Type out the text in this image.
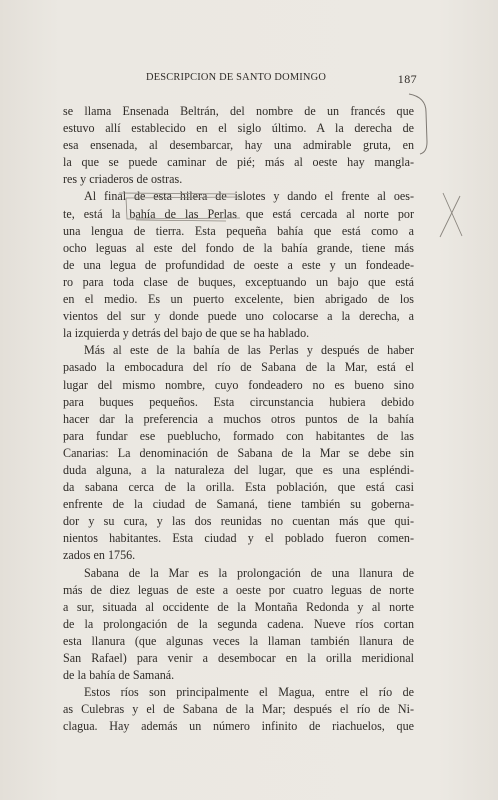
DESCRIPCION DE SANTO DOMINGO	187
se llama Ensenada Beltrán, del nombre de un francés que
estuvo allí establecido en el siglo último. A la derecha de
esa ensenada, al desembarcar, hay una admirable gruta, en
la que se puede caminar de pié; más al oeste hay mangla-
res y criaderos de ostras.
Al final de esta hilera de islotes y dando el frente al oes-
te, está la bahía de las Perlas que está cercada al norte por
una lengua de tierra. Esta pequeña bahía que está como a
ocho leguas al este del fondo de la bahía grande, tiene más
de una legua de profundidad de oeste a este y un fondeade-
ro para toda clase de buques, exceptuando un bajo que está
en el medio. Es un puerto excelente, bien abrigado de los
vientos del sur y donde puede uno colocarse a la derecha, a
la izquierda y detrás del bajo de que se ha hablado.
Más al este de la bahía de las Perlas y después de haber
pasado la embocadura del río de Sabana de la Mar, está el
lugar del mismo nombre, cuyo fondeadero no es bueno sino
para buques pequeños. Esta circunstancia hubiera debido
hacer dar la preferencia a muchos otros puntos de la bahía
para fundar ese pueblucho, formado con habitantes de las
Canarias: La denominación de Sabana de la Mar se debe sin
duda alguna, a la naturaleza del lugar, que es una espléndi-
da sabana cerca de la orilla. Esta población, que está casi
enfrente de la ciudad de Samaná, tiene también su goberna-
dor y su cura, y las dos reunidas no cuentan más que qui-
nientos habitantes. Esta ciudad y el poblado fueron comen-
zados en 1756.
Sabana de la Mar es la prolongación de una llanura de
más de diez leguas de este a oeste por cuatro leguas de norte
a sur, situada al occidente de la Montaña Redonda y al norte
de la prolongación de la segunda cadena. Nueve ríos cortan
esta llanura (que algunas veces la llaman también llanura de
San Rafael) para venir a desembocar en la orilla meridional
de la bahía de Samaná.
Estos ríos son principalmente el Magua, entre el río de
as Culebras y el de Sabana de la Mar; después el río de Ni-
clagua. Hay además un número infinito de riachuelos, que
